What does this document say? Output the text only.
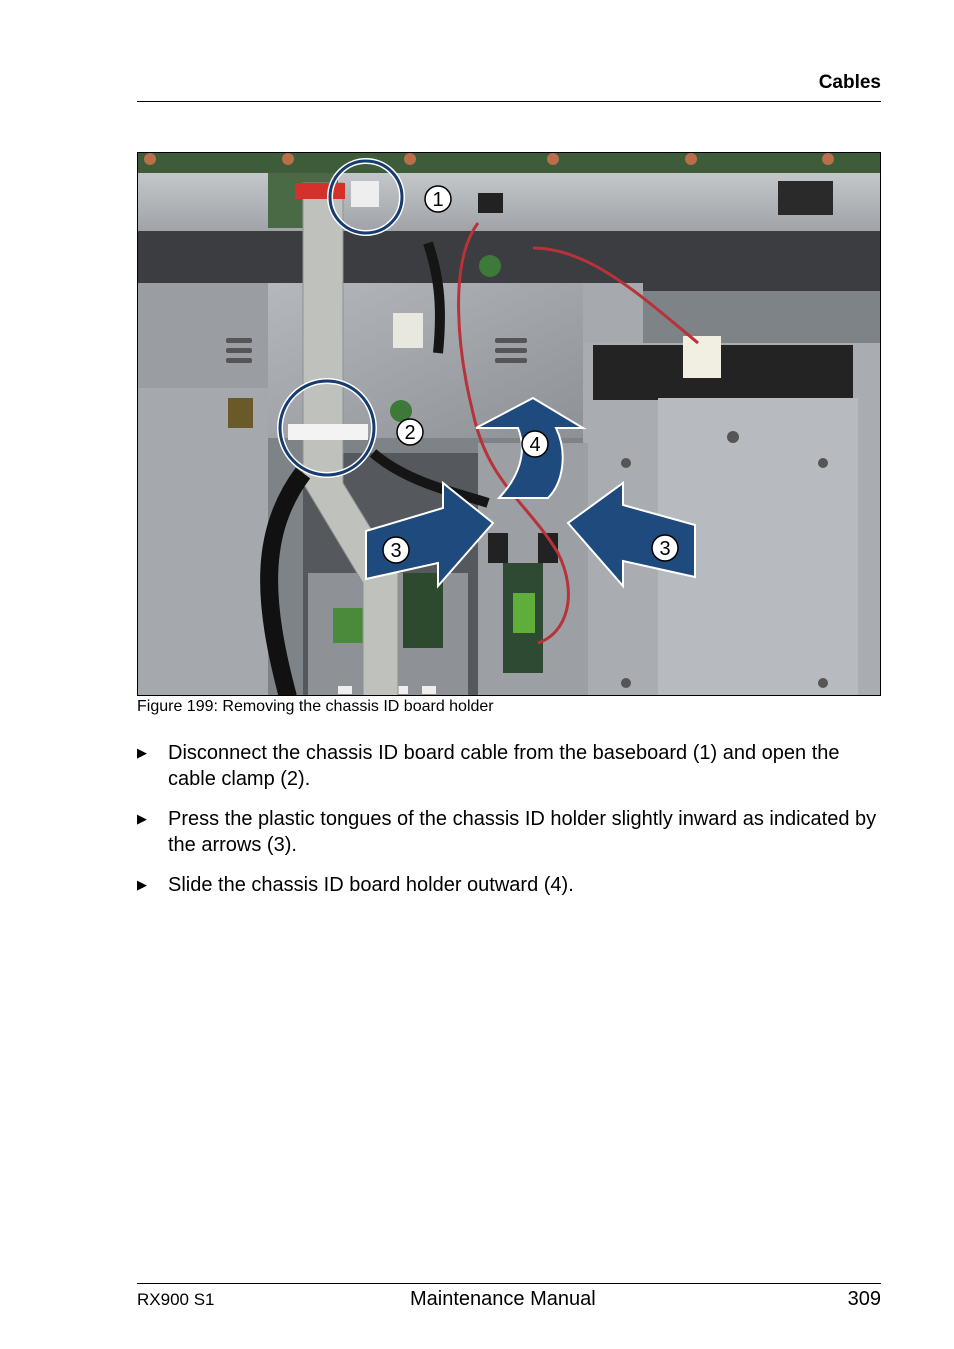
Cables
1
2
3	3
4
Figure 199: Removing the chassis ID board holder
▶ Disconnect the chassis ID board cable from the baseboard (1) and open the cable clamp (2).
▶ Press the plastic tongues of the chassis ID holder slightly inward as indicated by the arrows (3).
▶ Slide the chassis ID board holder outward (4).
RX900 S1	Maintenance Manual	309
